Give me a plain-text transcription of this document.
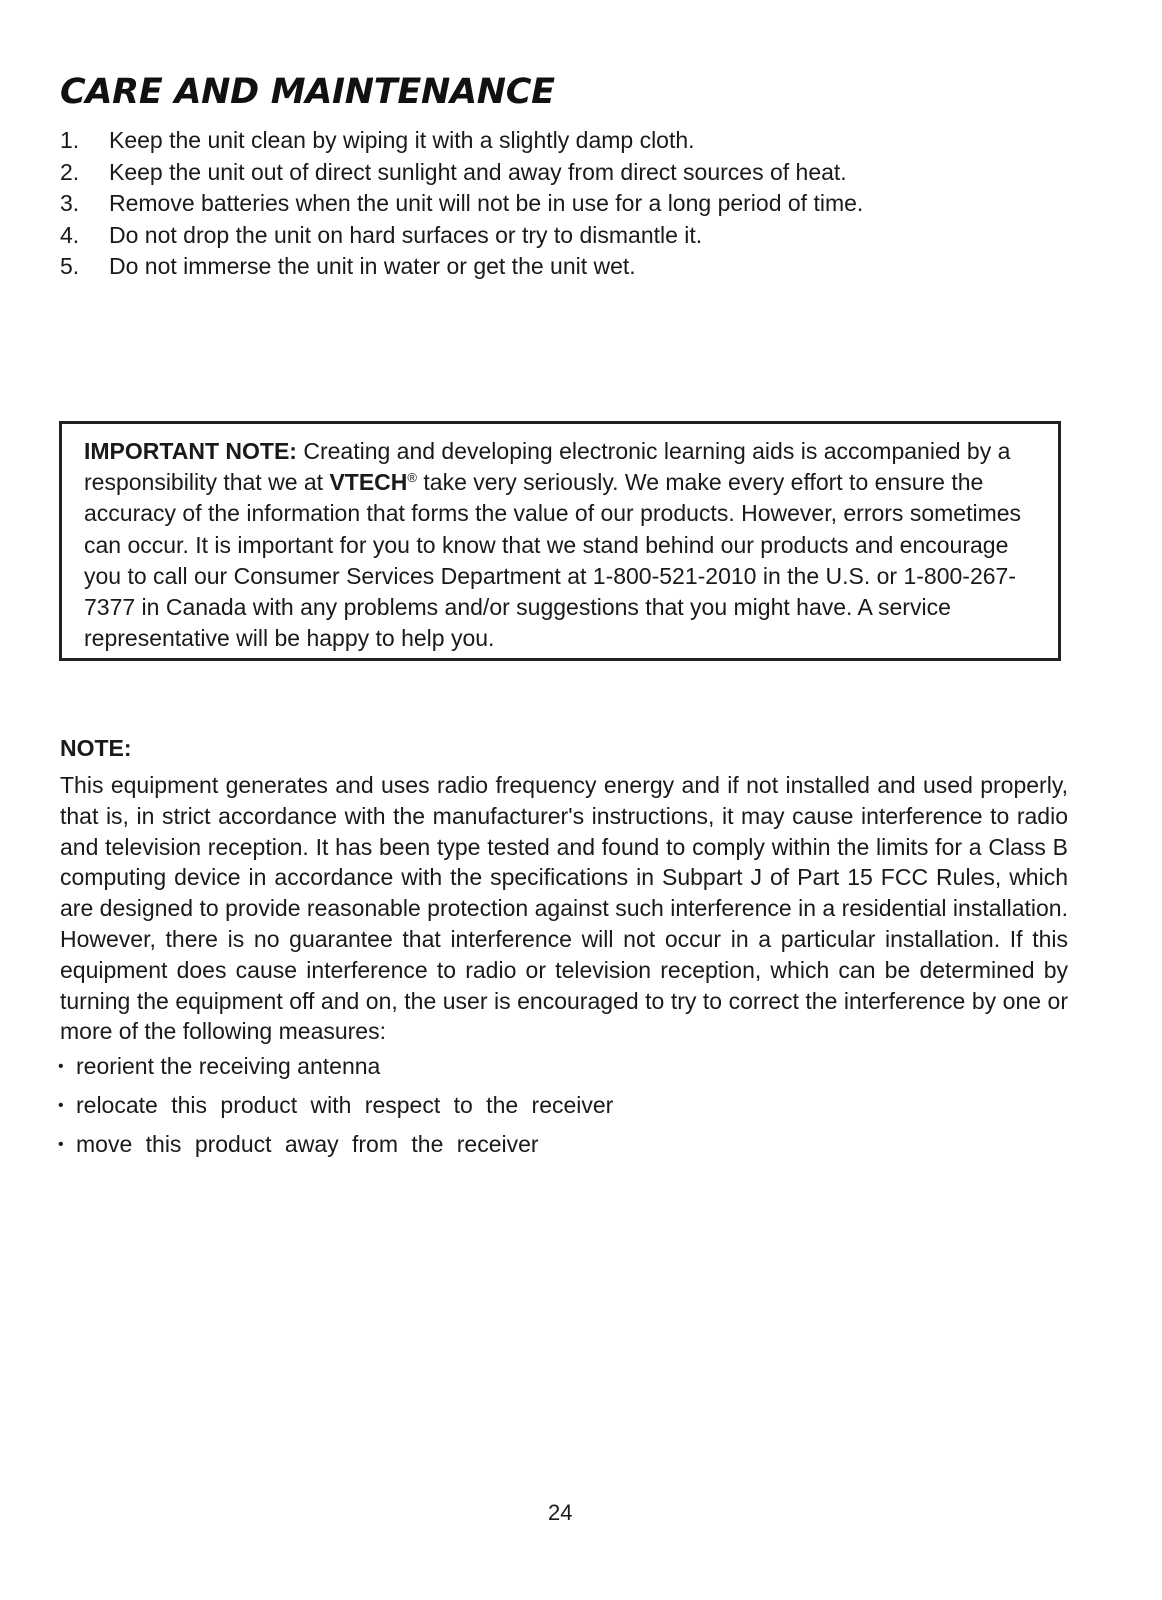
CARE AND MAINTENANCE
1.	Keep the unit clean by wiping it with a slightly damp cloth.
2.	Keep the unit out of direct sunlight and away from direct sources of heat.
3.	Remove batteries when the unit will not be in use for a long period of time.
4.	Do not drop the unit on hard surfaces or try to dismantle it.
5.	Do not immerse the unit in water or get the unit wet.
IMPORTANT NOTE: Creating and developing electronic learning aids is accompanied by a responsibility that we at VTECH® take very seriously. We make every effort to ensure the accuracy of the information that forms the value of our products. However, errors sometimes can occur. It is important for you to know that we stand behind our products and encourage you to call our Consumer Services Department at 1-800-521-2010 in the U.S. or 1-800-267-7377 in Canada with any problems and/or suggestions that you might have. A service representative will be happy to help you.
NOTE:

This equipment generates and uses radio frequency energy and if not installed and used properly, that is, in strict accordance with the manufacturer's instructions, it may cause interference to radio and television reception. It has been type tested and found to comply within the limits for a Class B computing device in accordance with the specifications in Subpart J of Part 15 FCC Rules, which are designed to provide reasonable protection against such interference in a residential installation. However, there is no guarantee that interference will not occur in a particular installation. If this equipment does cause interference to radio or television reception, which can be determined by turning the equipment off and on, the user is encouraged to try to correct the interference by one or more of the following measures:

• reorient the receiving antenna
• relocate this product with respect to the receiver
• move this product away from the receiver
24
